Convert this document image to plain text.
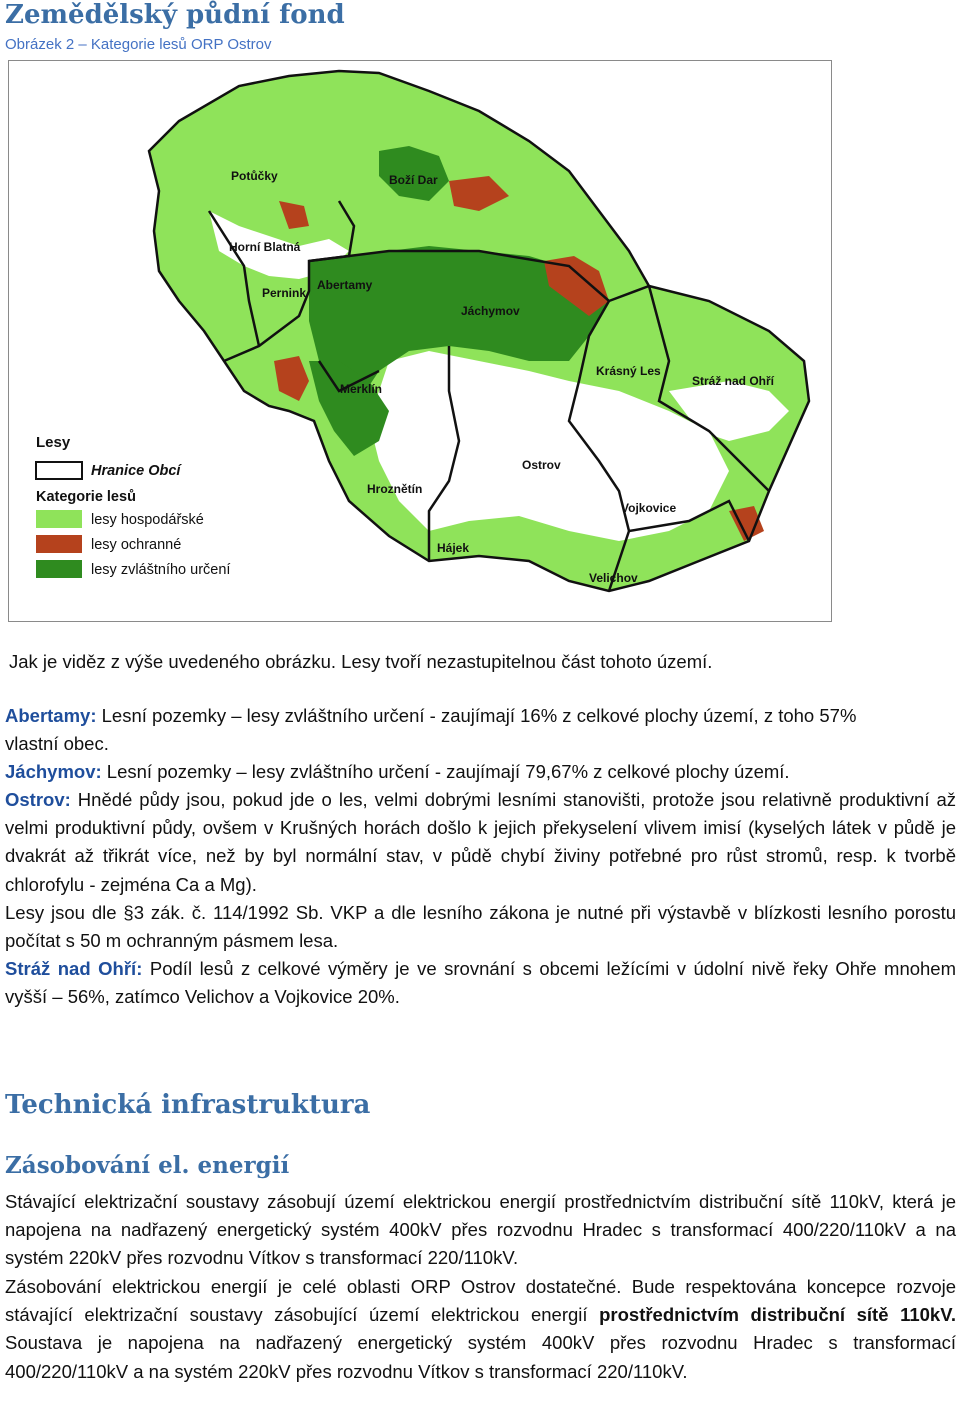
Zemědělský půdní fond
Obrázek 2 – Kategorie lesů ORP Ostrov
Potůčky	Boží Dar
Horní Blatná
Pernink
Abertamy
Jáchymov
Krásný Les
Stráž nad Ohří
Merklín
Ostrov
Hroznětín
Vojkovice
Hájek
Velichov
Lesy
Hranice Obcí
Kategorie lesů
lesy hospodářské
lesy ochranné
lesy zvláštního určení

Jak je viděz z výše uvedeného obrázku. Lesy tvoří nezastupitelnou část tohoto území.

Abertamy: Lesní pozemky – lesy zvláštního určení - zaujímají 16% z celkové plochy území, z toho 57%
vlastní obec.

Jáchymov: Lesní pozemky – lesy zvláštního určení - zaujímají 79,67% z celkové plochy území.

Ostrov: Hnědé půdy jsou, pokud jde o les, velmi dobrými lesními stanovišti, protože jsou relativně produktivní až velmi produktivní půdy, ovšem v Krušných horách došlo k jejich překyselení vlivem imisí (kyselých látek v půdě je dvakrát až třikrát více, než by byl normální stav, v půdě chybí živiny potřebné pro růst stromů, resp. k tvorbě chlorofylu - zejména Ca a Mg).

Lesy jsou dle §3 zák. č. 114/1992 Sb. VKP a dle lesního zákona je nutné při výstavbě v blízkosti lesního porostu počítat s 50 m ochranným pásmem lesa.

Stráž nad Ohří: Podíl lesů z celkové výměry je ve srovnání s obcemi ležícími v údolní nivě řeky Ohře mnohem vyšší – 56%, zatímco Velichov a Vojkovice 20%.

Technická infrastruktura
Zásobování el. energií

Stávající elektrizační soustavy zásobují území elektrickou energií prostřednictvím distribuční sítě 110kV, která je napojena na nadřazený energetický systém 400kV přes rozvodnu Hradec s transformací 400/220/110kV a na systém 220kV přes rozvodnu Vítkov s transformací 220/110kV.

Zásobování elektrickou energií je celé oblasti ORP Ostrov dostatečné. Bude respektována koncepce rozvoje stávající elektrizační soustavy zásobující území elektrickou energií prostřednictvím distribuční sítě 110kV. Soustava je napojena na nadřazený energetický systém 400kV přes rozvodnu Hradec s transformací 400/220/110kV a na systém 220kV přes rozvodnu Vítkov s transformací 220/110kV.
